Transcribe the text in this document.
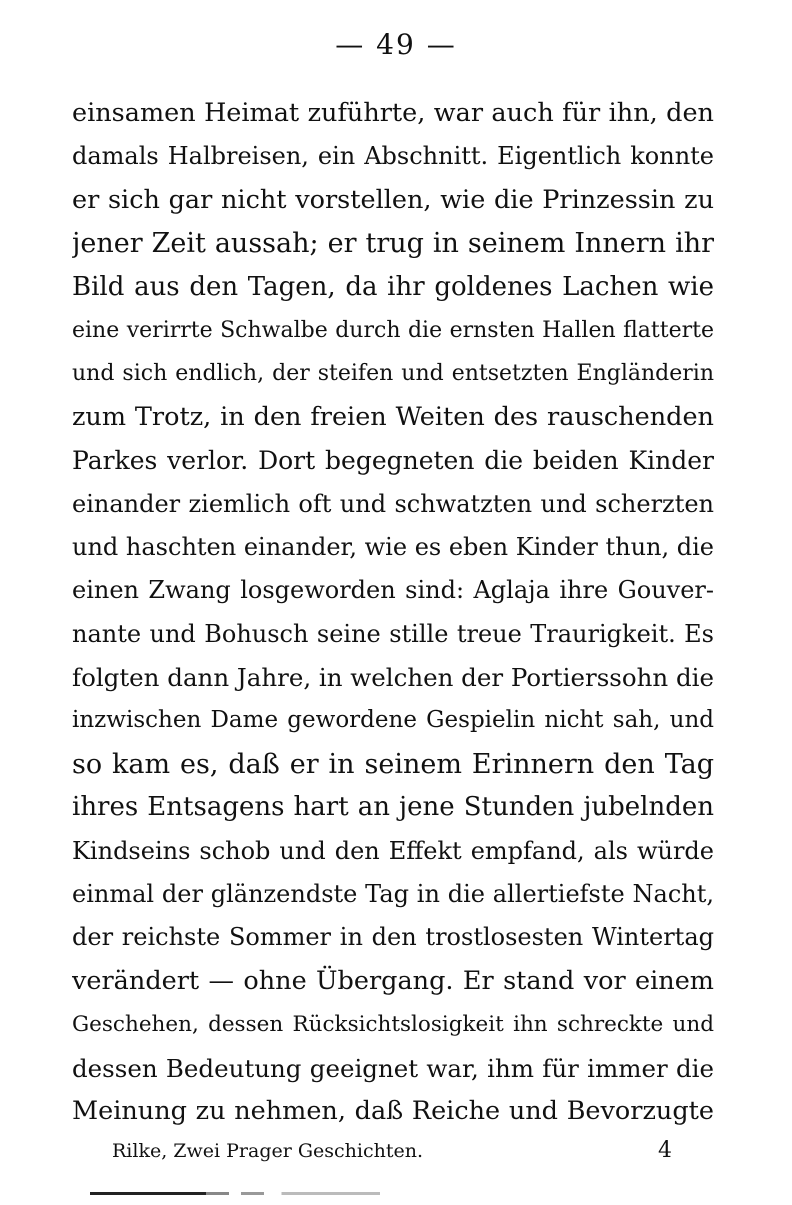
— 49 —
einsamen Heimat zuführte, war auch für ihn, den
damals Halbreisen, ein Abschnitt. Eigentlich konnte
er sich gar nicht vorstellen, wie die Prinzessin zu
jener Zeit aussah; er trug in seinem Innern ihr
Bild aus den Tagen, da ihr goldenes Lachen wie
eine verirrte Schwalbe durch die ernsten Hallen flatterte
und sich endlich, der steifen und entsetzten Engländerin
zum Trotz, in den freien Weiten des rauschenden
Parkes verlor. Dort begegneten die beiden Kinder
einander ziemlich oft und schwatzten und scherzten
und haschten einander, wie es eben Kinder thun, die
einen Zwang losgeworden sind: Aglaja ihre Gouver-
nante und Bohusch seine stille treue Traurigkeit. Es
folgten dann Jahre, in welchen der Portierssohn die
inzwischen Dame gewordene Gespielin nicht sah, und
so kam es, daß er in seinem Erinnern den Tag
ihres Entsagens hart an jene Stunden jubelnden
Kindseins schob und den Effekt empfand, als würde
einmal der glänzendste Tag in die allertiefste Nacht,
der reichste Sommer in den trostlosesten Wintertag
verändert — ohne Übergang. Er stand vor einem
Geschehen, dessen Rücksichtslosigkeit ihn schreckte und
dessen Bedeutung geeignet war, ihm für immer die
Meinung zu nehmen, daß Reiche und Bevorzugte
Rilke, Zwei Prager Geschichten.	4
